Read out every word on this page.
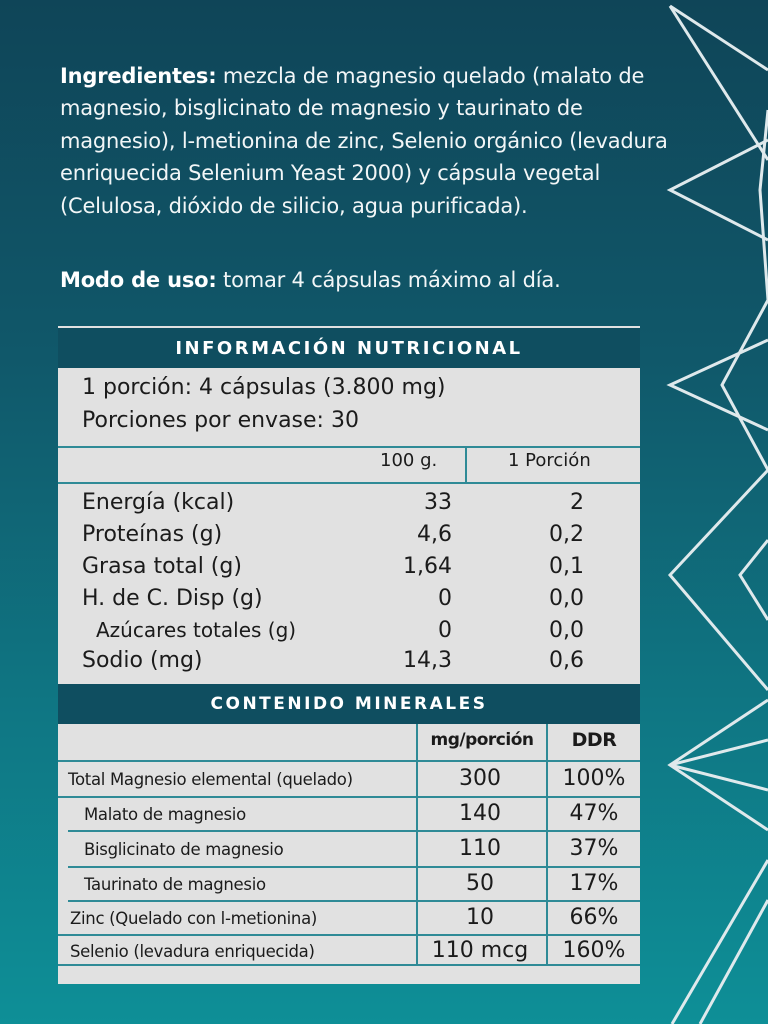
Ingredientes: mezcla de magnesio quelado (malato de magnesio, bisglicinato de magnesio y taurinato de magnesio), l-metionina de zinc, Selenio orgánico (levadura enriquecida Selenium Yeast 2000) y cápsula vegetal (Celulosa, dióxido de silicio, agua purificada).
Modo de uso: tomar 4 cápsulas máximo al día.
INFORMACIÓN NUTRICIONAL
1 porción: 4 cápsulas (3.800 mg)
Porciones por envase: 30
100 g.	1 Porción
Energía (kcal)	33	2
Proteínas (g)	4,6	0,2
Grasa total (g)	1,64	0,1
H. de C. Disp (g)	0	0,0
Azúcares totales (g)	0	0,0
Sodio (mg)	14,3	0,6
CONTENIDO MINERALES
mg/porción	DDR
Total Magnesio elemental (quelado)	300	100%
Malato de magnesio	140	47%
Bisglicinato de magnesio	110	37%
Taurinato de magnesio	50	17%
Zinc (Quelado con l-metionina)	10	66%
Selenio (levadura enriquecida)	110 mcg	160%
